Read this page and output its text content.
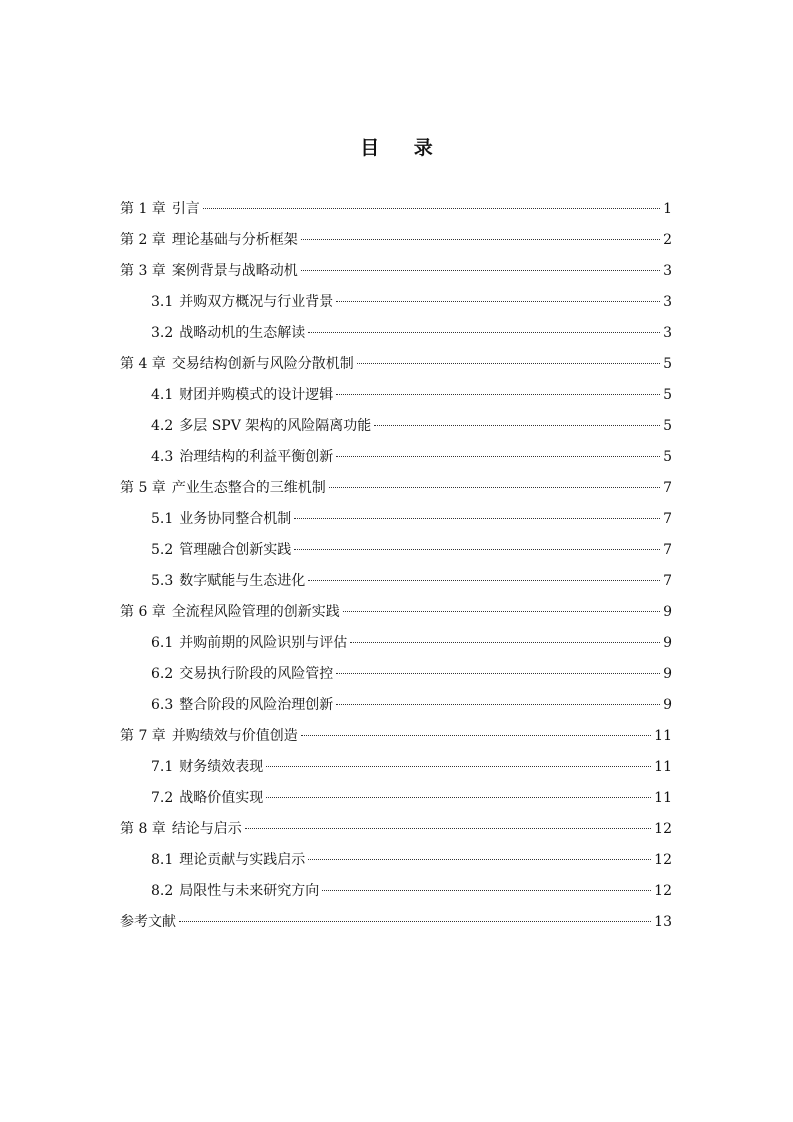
目 录
第 1 章 引言	1
第 2 章 理论基础与分析框架	2
第 3 章 案例背景与战略动机	3
3.1 并购双方概况与行业背景	3
3.2 战略动机的生态解读	3
第 4 章 交易结构创新与风险分散机制	5
4.1 财团并购模式的设计逻辑	5
4.2 多层 SPV 架构的风险隔离功能	5
4.3 治理结构的利益平衡创新	5
第 5 章 产业生态整合的三维机制	7
5.1 业务协同整合机制	7
5.2 管理融合创新实践	7
5.3 数字赋能与生态进化	7
第 6 章 全流程风险管理的创新实践	9
6.1 并购前期的风险识别与评估	9
6.2 交易执行阶段的风险管控	9
6.3 整合阶段的风险治理创新	9
第 7 章 并购绩效与价值创造	11
7.1 财务绩效表现	11
7.2 战略价值实现	11
第 8 章 结论与启示	12
8.1 理论贡献与实践启示	12
8.2 局限性与未来研究方向	12
参考文献	13
